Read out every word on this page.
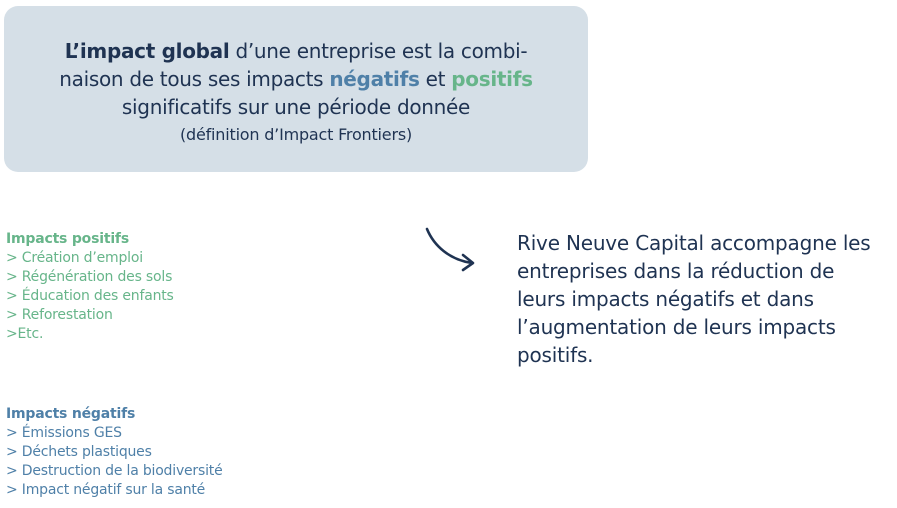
L’impact global d’une entreprise est la combi-
naison de tous ses impacts négatifs et positifs
significatifs sur une période donnée
(définition d’Impact Frontiers)
Impacts positifs
> Création d’emploi
> Régénération des sols
> Éducation des enfants
> Reforestation
>Etc.
Impacts négatifs
> Émissions GES
> Déchets plastiques
> Destruction de la biodiversité
> Impact négatif sur la santé
Rive Neuve Capital accompagne les entreprises dans la réduction de leurs impacts négatifs et dans l’augmentation de leurs impacts positifs.
